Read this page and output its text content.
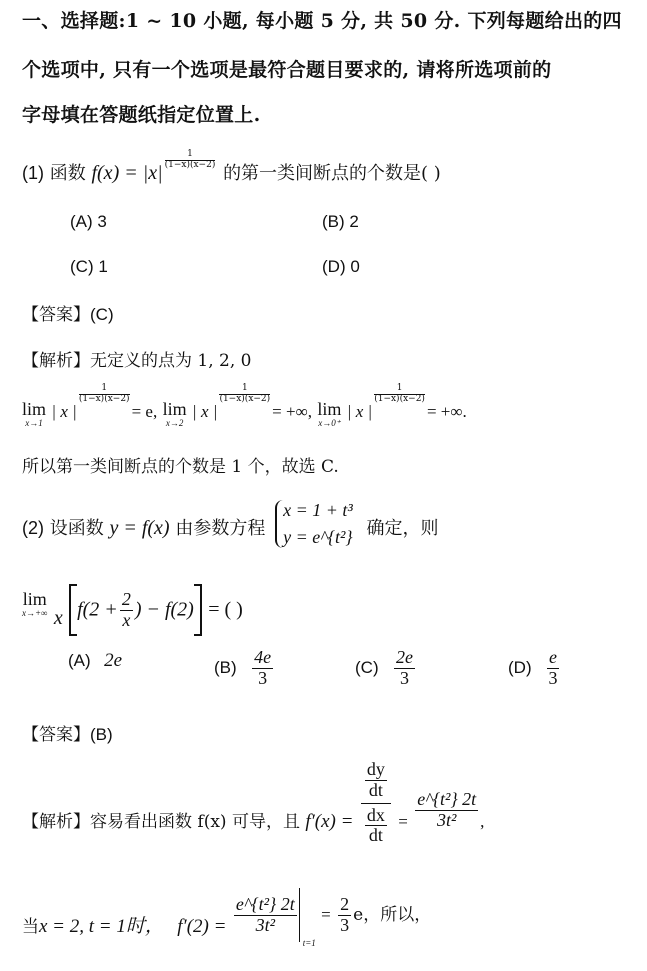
一、选择题:1 ~ 10 小题, 每小题 5 分, 共 50 分. 下列每题给出的四
个选项中, 只有一个选项是最符合题目要求的, 请将所选项前的
字母填在答题纸指定位置上.
(1) 函数 f(x) = |x|
$\frac{1}{(1-x)(x-2)}$
的第一类间断点的个数是( )
(A) 3	(B) 2
(C) 1	(D) 0
【答案】(C)
【解析】无定义的点为 1, 2, 0
lim
x→1
| x |
$\frac{1}{(1-x)(x-2)}$
= e, lim
x→2
| x |
$\frac{1}{(1-x)(x-2)}$
= +∞, lim
x→0⁺
| x |
$\frac{1}{(1-x)(x-2)}$
= +∞.
所以第一类间断点的个数是 1 个，故选 C.
(2) 设函数 y = f(x) 由参数方程
x = 1 + t³
y = e^{t²} 确定，则
lim
x→+∞ x $f(2 + \frac{2}{x}$ ) − f(2) = ( )
(A) 2e	$(B) \frac{4e}{3}$	$(C) \frac{2e}{3}$	$(D) \frac{e}{3}$
【答案】(B)
【解析】容易看出函数 f(x) 可导，且 $f'(x) = \frac{\frac{dy}{dt}}{\frac{dx}{dt}} = \frac{\text{e\textasciicircum{}\{t²\} 2t}}{\text{3t²}}$ ,
当x = 2, t = 1时， $f'(2) = \frac{\text{e\textasciicircum{}\{t²\} 2t}}{\text{3t²}}$
t=1
= $\frac{2}{3}$ e，所以，
